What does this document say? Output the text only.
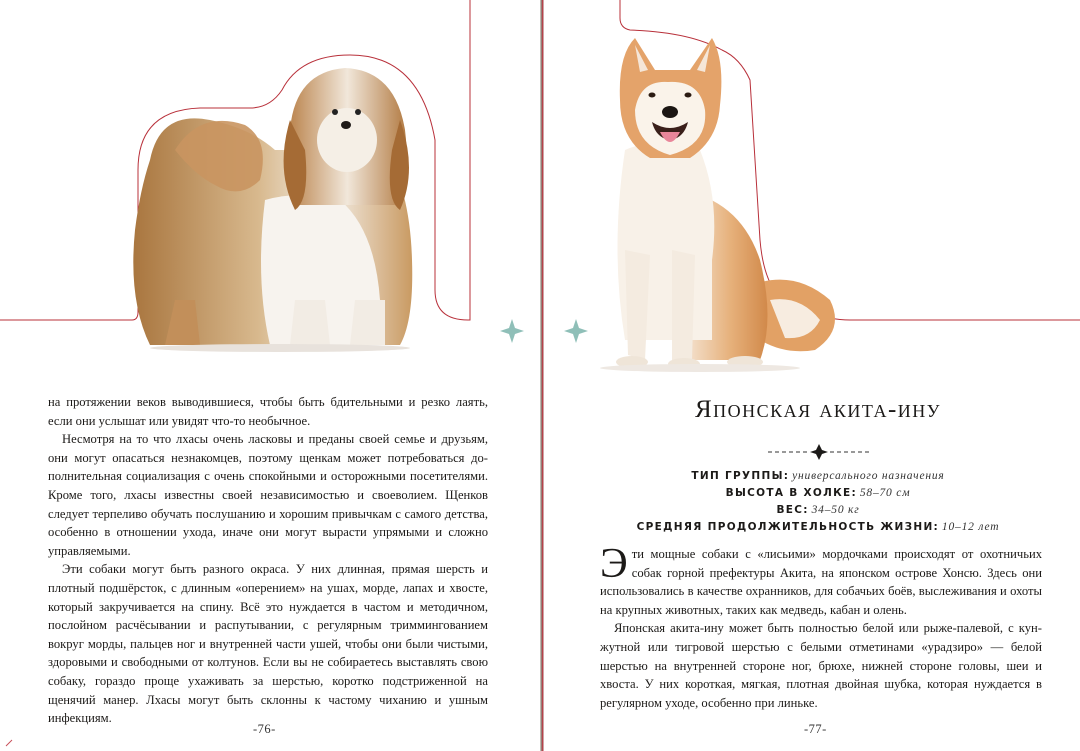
на протяжении веков выводившиеся, чтобы быть бдительными и резко лаять, если они услышат или увидят что-то необычное.

Несмотря на то что лхасы очень ласковы и преданы своей семье и друзьям, они могут опасаться незнакомцев, поэтому щенкам может потребоваться дополнительная социализация с очень спокойными и осторожными посетителями. Кроме того, лхасы известны своей независимостью и своеволием. Щенков следует терпеливо обучать послушанию и хорошим привычкам с самого детства, особенно в отношении ухода, иначе они могут вырасти упрямыми и сложно управляемыми.

Эти собаки могут быть разного окраса. У них длинная, прямая шерсть и плотный подшёрсток, с длинным «оперением» на ушах, морде, лапах и хвосте, который закручивается на спину. Всё это нуждается в частом и методичном, послойном расчёсывании и распутывании, с регулярным триммингованием вокруг морды, пальцев ног и внутренней части ушей, чтобы они были чистыми, здоровыми и свободными от колтунов. Если вы не собираетесь выставлять свою собаку, гораздо проще ухаживать за шерстью, коротко подстриженной на щенячий манер. Лхасы могут быть склонны к частому чиханию и ушным инфекциям.

-76-	-77-
Японская акита-ину
ТИП ГРУППЫ: универсального назначения
ВЫСОТА В ХОЛКЕ: 58–70 см
ВЕС: 34–50 кг
СРЕДНЯЯ ПРОДОЛЖИТЕЛЬНОСТЬ ЖИЗНИ: 10–12 лет

Эти мощные собаки с «лисьими» мордочками происходят от охотничьих собак горной префектуры Акита, на японском острове Хонсю. Здесь они использовались в качестве охранников, для собачьих боёв, выслеживания и охоты на крупных животных, таких как медведь, кабан и олень.

Японская акита-ину может быть полностью белой или рыже-палевой, с кунжутной или тигровой шерстью с белыми отметинами «урадзиро» — белой шерстью на внутренней стороне ног, брюхе, нижней стороне головы, шеи и хвоста. У них короткая, мягкая, плотная двойная шубка, которая нуждается в регулярном уходе, особенно при линьке.
